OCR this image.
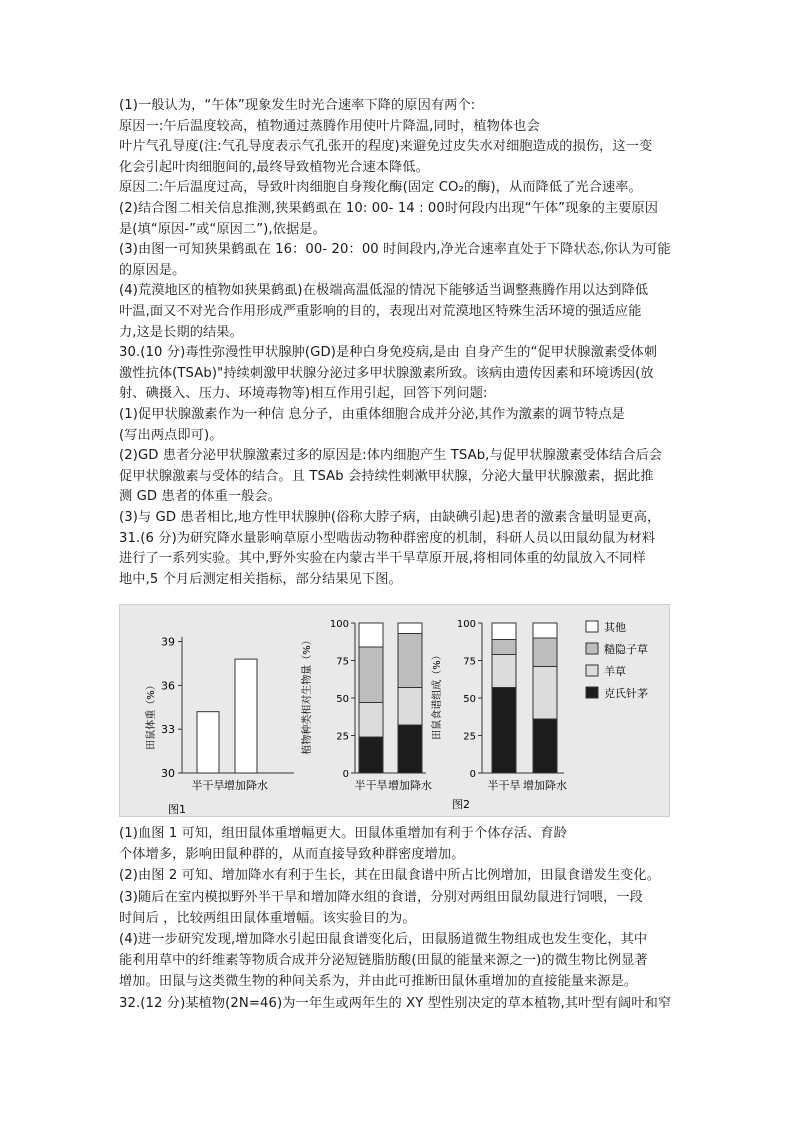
(1)一般认为，“午体”现象发生时光合速率下降的原因有两个:
原因一:午后温度较高，植物通过蒸腾作用使叶片降温,同时，植物体也会
叶片气孔导度(注:气孔导度表示气孔张开的程度)来避免过皮失水对细胞造成的损伤，这一变
化会引起叶肉细胞间的,最终导致植物光合速本降低。
原因二:午后温度过高，导致叶肉细胞自身羧化酶(固定 CO₂的酶)，从而降低了光合速率。
(2)结合图二相关信息推测,狭果鹤虱在 10: 00- 14 : 00时何段内出现“午体”现象的主要原因
是(填“原因-”或“原因二”),依据是。
(3)由图一可知狭果鹤虱在 16：00- 20：00 时间段内,净光合速率直处于下降状态,你认为可能
的原因是。
(4)荒漠地区的植物如狭果鹤虱)在极端高温低湿的情况下能够适当调整燕腾作用以达到降低
叶温,面又不对光合作用形成严重影响的目的，表现出对荒漠地区特殊生活环境的强适应能
力,这是长期的结果。
30.(10 分)毒性弥漫性甲状腺肿(GD)是种白身免疫病,是由 自身产生的“促甲状腺激素受体刺
激性抗体(TSAb)"持续刺激甲状腺分泌过多甲状腺激素所致。该病由遗传因素和环境诱因(放
射、碘摄入、压力、环境毒物等)相互作用引起，回答下列问题:
(1)促甲状腺激素作为一种信 息分子，由重体细胞合成并分泌,其作为激素的调节特点是
(写出两点即可)。
(2)GD 患者分泌甲状腺激素过多的原因是:体内细胞产生 TSAb,与促甲状腺激素受体结合后会
促甲状腺激素与受体的结合。且 TSAb 会持续性刺漱甲状腺，分泌大量甲状腺激素，据此推
测 GD 患者的体重一般会。
(3)与 GD 患者相比,地方性甲状腺肿(俗称大脖子病，由缺碘引起)患者的激素含量明显更高，
31.(6 分)为研究降水量影响草原小型啮齿动物种群密度的机制，科研人员以田鼠幼鼠为材料
进行了一系列实验。其中,野外实验在内蒙古半干旱草原开展,将相同体重的幼鼠放入不同样
地中,5 个月后测定相关指标，部分结果见下图。
田鼠体重（%）
图1
30
33
36
39
半干旱 增加降水
植物种类相对生物量（%）
0
25
50
75
100
半干旱 增加降水
田鼠食谱组成（%）
图2
0
25
50
75
100
半干旱 增加降水
其他
糙隐子草
羊草
克氏针茅
(1)血图 1 可知，组田鼠体重增幅更大。田鼠体重增加有利于个体存活、育龄
个体增多，影响田鼠种群的，从而直接导致种群密度增加。
(2)由图 2 可知、增加降水有利于生长，其在田鼠食谱中所占比例增加，田鼠食谱发生变化。
(3)随后在室内模拟野外半干旱和增加降水组的食谱，分别对两组田鼠幼鼠进行饲喂，一段
时间后 ，比较两组田鼠体重增幅。该实验目的为。
(4)进一步研究发现,增加降水引起田鼠食谱变化后，田鼠肠道微生物组成也发生变化，其中
能利用草中的纤维素等物质合成并分泌短链脂肪酸(田鼠的能量来源之一)的微生物比例显著
增加。田鼠与这类微生物的种间关系为，并由此可推断田鼠休重增加的直接能量来源是。
32.(12 分)某植物(2N=46)为一年生或两年生的 XY 型性别决定的草本植物,其叶型有阔叶和窄
